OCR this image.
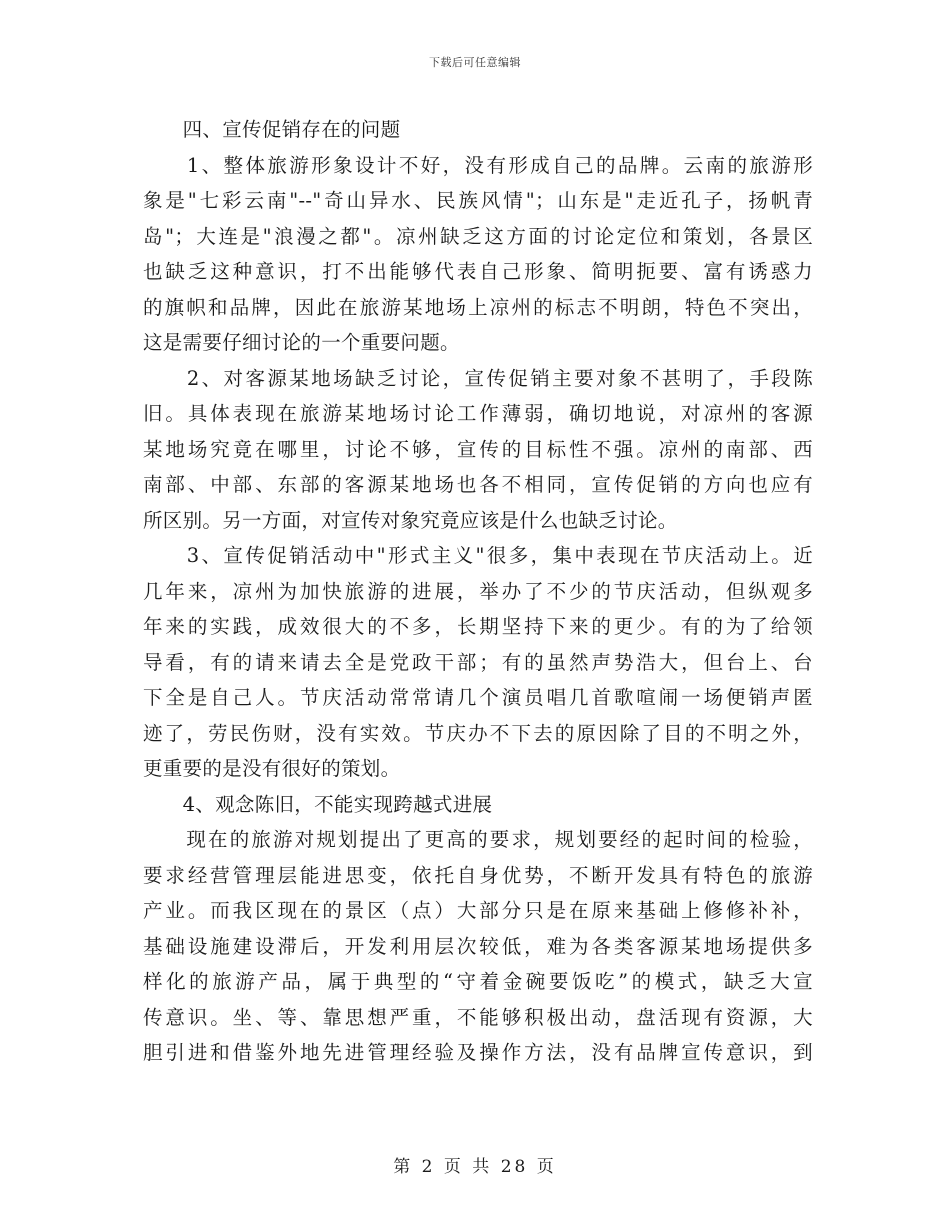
下载后可任意编辑
　　四、宣传促销存在的问题
　　1、整体旅游形象设计不好，没有形成自己的品牌。云南的旅游形
象是"七彩云南"--"奇山异水、民族风情"；山东是"走近孔子，扬帆青
岛"；大连是"浪漫之都"。凉州缺乏这方面的讨论定位和策划，各景区
也缺乏这种意识，打不出能够代表自己形象、简明扼要、富有诱惑力
的旗帜和品牌，因此在旅游某地场上凉州的标志不明朗，特色不突出，
这是需要仔细讨论的一个重要问题。
　　2、对客源某地场缺乏讨论，宣传促销主要对象不甚明了，手段陈
旧。具体表现在旅游某地场讨论工作薄弱，确切地说，对凉州的客源
某地场究竟在哪里，讨论不够，宣传的目标性不强。凉州的南部、西
南部、中部、东部的客源某地场也各不相同，宣传促销的方向也应有
所区别。另一方面，对宣传对象究竟应该是什么也缺乏讨论。
　　3、宣传促销活动中"形式主义"很多，集中表现在节庆活动上。近
几年来，凉州为加快旅游的进展，举办了不少的节庆活动，但纵观多
年来的实践，成效很大的不多，长期坚持下来的更少。有的为了给领
导看，有的请来请去全是党政干部；有的虽然声势浩大，但台上、台
下全是自己人。节庆活动常常请几个演员唱几首歌喧闹一场便销声匿
迹了，劳民伤财，没有实效。节庆办不下去的原因除了目的不明之外，
更重要的是没有很好的策划。
　　4、观念陈旧，不能实现跨越式进展
　　现在的旅游对规划提出了更高的要求，规划要经的起时间的检验，
要求经营管理层能进思变，依托自身优势，不断开发具有特色的旅游
产业。而我区现在的景区（点）大部分只是在原来基础上修修补补，
基础设施建设滞后，开发利用层次较低，难为各类客源某地场提供多
样化的旅游产品，属于典型的“守着金碗要饭吃”的模式，缺乏大宣
传意识。坐、等、靠思想严重，不能够积极出动，盘活现有资源，大
胆引进和借鉴外地先进管理经验及操作方法，没有品牌宣传意识，到
第 2 页 共 28 页
